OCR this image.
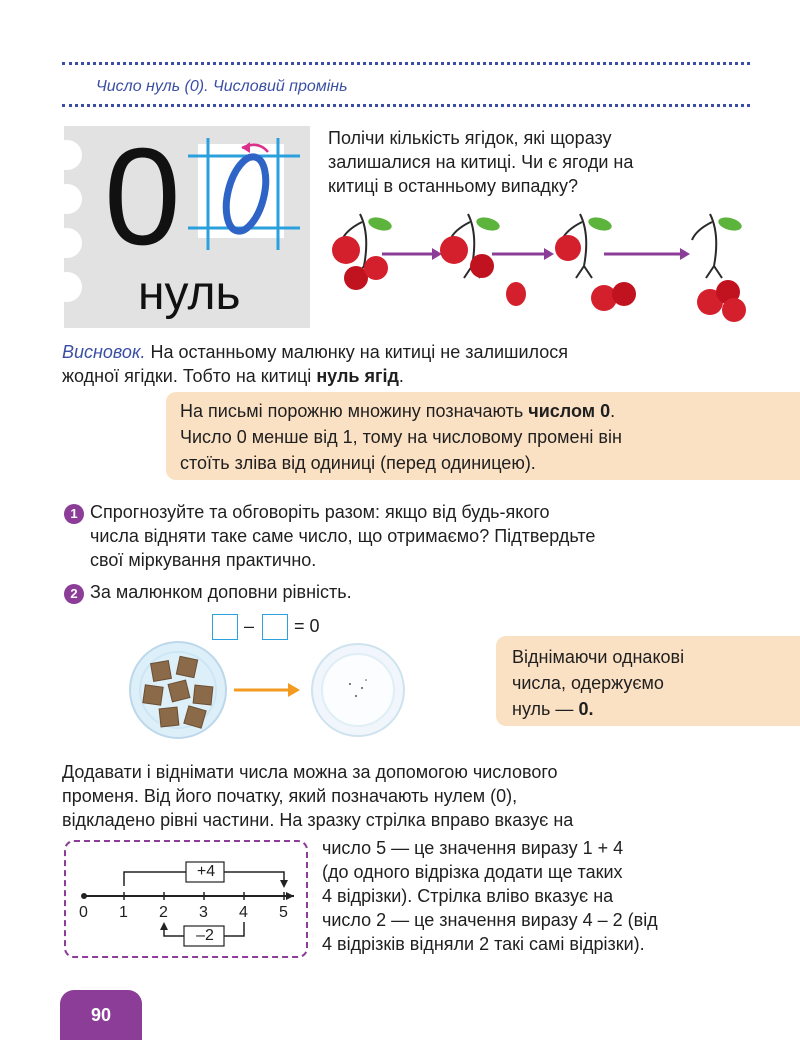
Число нуль (0). Числовий промінь
0
нуль
Полічи кількість ягідок, які щоразу
залишалися на китиці. Чи є ягоди на
китиці в останньому випадку?
Висновок. На останньому малюнку на китиці не залишилося
жодної ягідки. Тобто на китиці нуль ягід.
На письмі порожню множину позначають числом 0.
Число 0 менше від 1, тому на числовому промені він
стоїть зліва від одиниці (перед одиницею).
1 Спрогнозуйте та обговоріть разом: якщо від будь-якого
числа відняти таке саме число, що отримаємо? Підтвердьте
свої міркування практично.
2 За малюнком доповни рівність.
– = 0
Віднімаючи однакові
числа, одержуємо
нуль — 0.
Додавати і віднімати числа можна за допомогою числового
променя. Від його початку, який позначають нулем (0),
відкладено рівні частини. На зразку стрілка вправо вказує на
+4
–2
0 1 2 3 4 5
число 5 — це значення виразу 1 + 4
(до одного відрізка додати ще таких
4 відрізки). Стрілка вліво вказує на
число 2 — це значення виразу 4 – 2 (від
4 відрізків відняли 2 такі самі відрізки).
90
